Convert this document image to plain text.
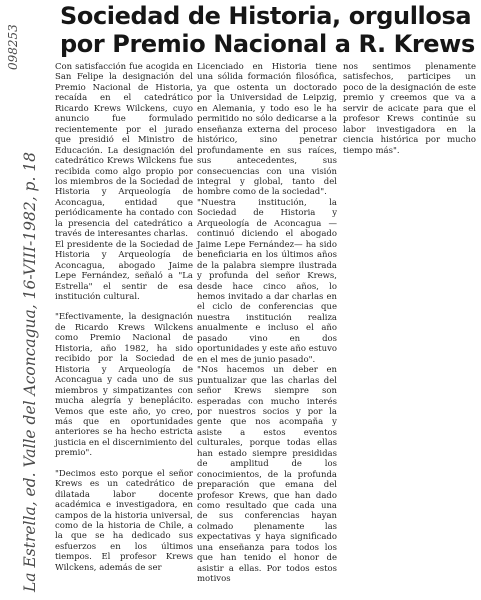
La Estrella, ed. Valle del Aconcagua, 16-VIII-1982, p. 18
098253
Sociedad de Historia, orgullosa
por Premio Nacional a R. Krews

Con satisfacción fue acogida en San Felipe la designación del Premio Nacional de Historia, recaída en el catedrático Ricardo Krews Wilckens, cuyo anuncio fue formulado recientemente por el jurado que presidió el Ministro de Educación. La designación del catedrático Krews Wilckens fue recibida como algo propio por los miembros de la Sociedad de Historia y Arqueología de Aconcagua, entidad que periódicamente ha contado con la presencia del catedrático a través de interesantes charlas.

El presidente de la Sociedad de Historia y Arqueología de Aconcagua, abogado Jaime Lepe Fernández, señaló a "La Estrella" el sentir de esa institución cultural.

"Efectivamente, la designación de Ricardo Krews Wilckens como Premio Nacional de Historia, año 1982, ha sido recibido por la Sociedad de Historia y Arqueología de Aconcagua y cada uno de sus miembros y simpatizantes con mucha alegría y beneplácito. Vemos que este año, yo creo, más que en oportunidades anteriores se ha hecho estricta justicia en el discernimiento del premio".

"Decimos esto porque el señor Krews es un catedrático de dilatada labor docente académica e investigadora, en campos de la historia universal, como de la historia de Chile, a la que se ha dedicado sus esfuerzos en los últimos tiempos. El profesor Krews Wilckens, además de ser

Licenciado en Historia tiene una sólida formación filosófica, ya que ostenta un doctorado por la Universidad de Leipzig, en Alemania, y todo eso le ha permitido no sólo dedicarse a la enseñanza externa del proceso histórico, sino penetrar profundamente en sus raíces, sus antecedentes, sus consecuencias con una visión integral y global, tanto del hombre como de la sociedad".

"Nuestra institución, la Sociedad de Historia y Arqueología de Aconcagua — continuó diciendo el abogado Jaime Lepe Fernández— ha sido beneficiaria en los últimos años de la palabra siempre ilustrada y profunda del señor Krews, desde hace cinco años, lo hemos invitado a dar charlas en el ciclo de conferencias que nuestra institución realiza anualmente e incluso el año pasado vino en dos oportunidades y este año estuvo en el mes de junio pasado".

"Nos hacemos un deber en puntualizar que las charlas del señor Krews siempre son esperadas con mucho interés por nuestros socios y por la gente que nos acompaña y asiste a estos eventos culturales, porque todas ellas han estado siempre presididas de amplitud de los conocimientos, de la profunda preparación que emana del profesor Krews, que han dado como resultado que cada una de sus conferencias hayan colmado plenamente las expectativas y haya significado una enseñanza para todos los que han tenido el honor de asistir a ellas. Por todos estos motivos

nos sentimos plenamente satisfechos, participes un poco de la designación de este premio y creemos que va a servir de acicate para que el profesor Krews continúe su labor investigadora en la ciencia histórica por mucho tiempo más".
